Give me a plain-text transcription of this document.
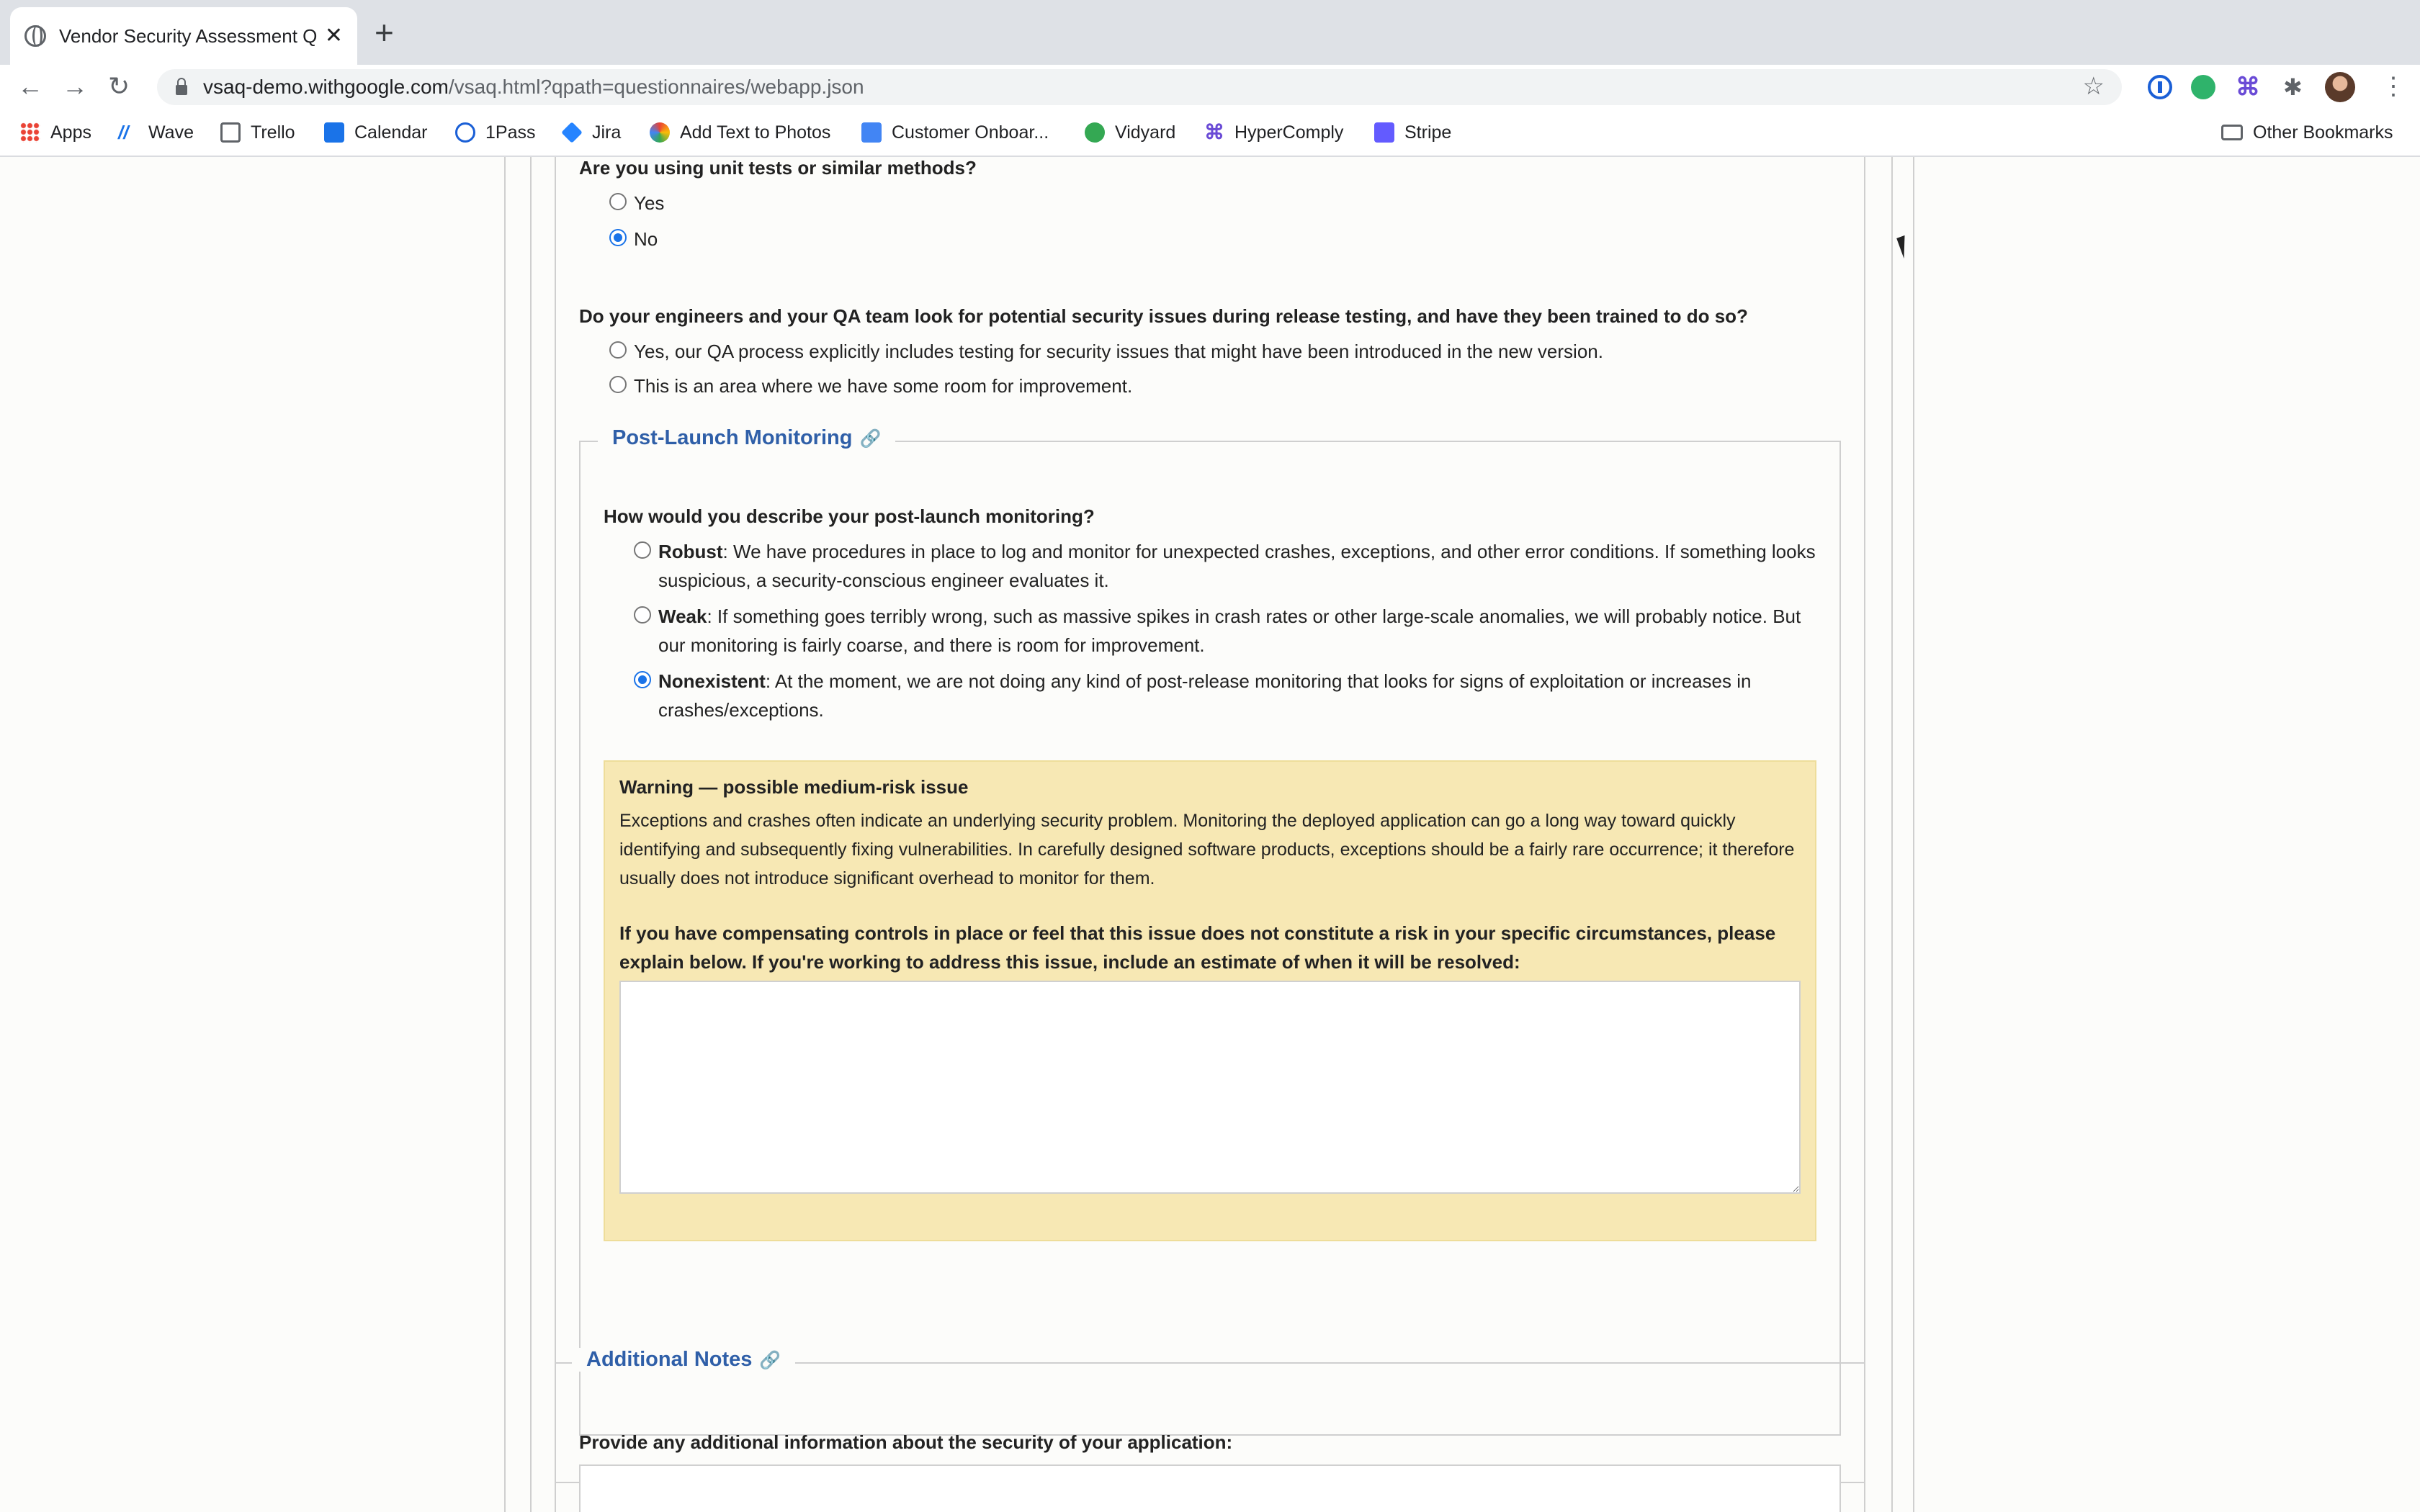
Vendor Security Assessment Q ✕ +
← → ↻	vsaq-demo.withgoogle.com/vsaq.html?qpath=questionnaires/webapp.json	☆	⌘ ✱	⋮
Apps //	Wave	Trello	Calendar	1Pass	Jira	Add Text to Photos	Customer Onboar...	Vidyard ⌘ HyperComply	Stripe	Other Bookmarks
Are you using unit tests or similar methods?
Yes
No
Do your engineers and your QA team look for potential security issues during release testing, and have they been trained to do so?
Yes, our QA process explicitly includes testing for security issues that might have been introduced in the new version.
This is an area where we have some room for improvement.
Post-Launch Monitoring 🔗
How would you describe your post-launch monitoring?
Robust: We have procedures in place to log and monitor for unexpected crashes, exceptions, and other error conditions. If something looks suspicious, a security-conscious engineer evaluates it.
Weak: If something goes terribly wrong, such as massive spikes in crash rates or other large-scale anomalies, we will probably notice. But our monitoring is fairly coarse, and there is room for improvement.
Nonexistent: At the moment, we are not doing any kind of post-release monitoring that looks for signs of exploitation or increases in crashes/exceptions.
Warning — possible medium-risk issue
Exceptions and crashes often indicate an underlying security problem. Monitoring the deployed application can go a long way toward quickly identifying and subsequently fixing vulnerabilities. In carefully designed software products, exceptions should be a fairly rare occurrence; it therefore usually does not introduce significant overhead to monitor for them.
If you have compensating controls in place or feel that this issue does not constitute a risk in your specific circumstances, please explain below. If you're working to address this issue, include an estimate of when it will be resolved:
Additional Notes 🔗
Provide any additional information about the security of your application:
